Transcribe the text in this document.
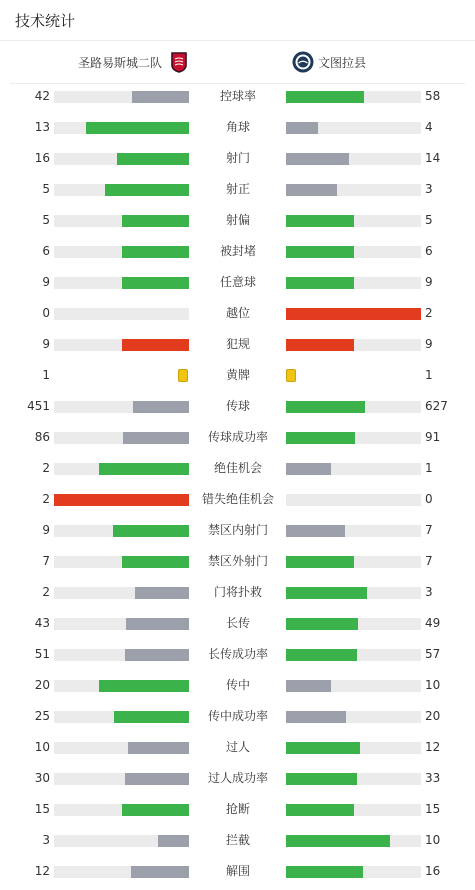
技术统计
圣路易斯城二队	文图拉县
42	控球率	58
13	角球	4
16	射门	14
5	射正	3
5	射偏	5
6	被封堵	6
9	任意球	9
0	越位	2
9	犯规	9
1	黄牌	1
451	传球	627
86	传球成功率	91
2	绝佳机会	1
2	错失绝佳机会	0
9	禁区内射门	7
7	禁区外射门	7
2	门将扑救	3
43	长传	49
51	长传成功率	57
20	传中	10
25	传中成功率	20
10	过人	12
30	过人成功率	33
15	抢断	15
3	拦截	10
12	解围	16
